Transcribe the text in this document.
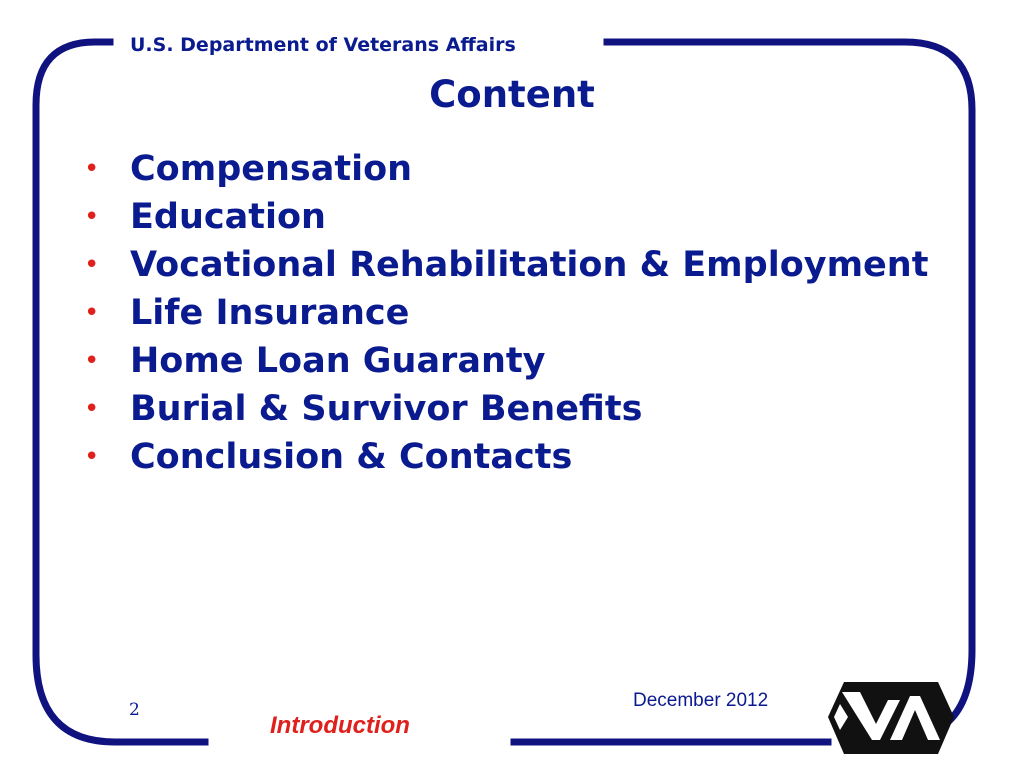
U.S. Department of Veterans Affairs
Content
• Compensation
• Education
• Vocational Rehabilitation & Employment
• Life Insurance
• Home Loan Guaranty
• Burial & Survivor Benefits
• Conclusion & Contacts
2
Introduction
December 2012
